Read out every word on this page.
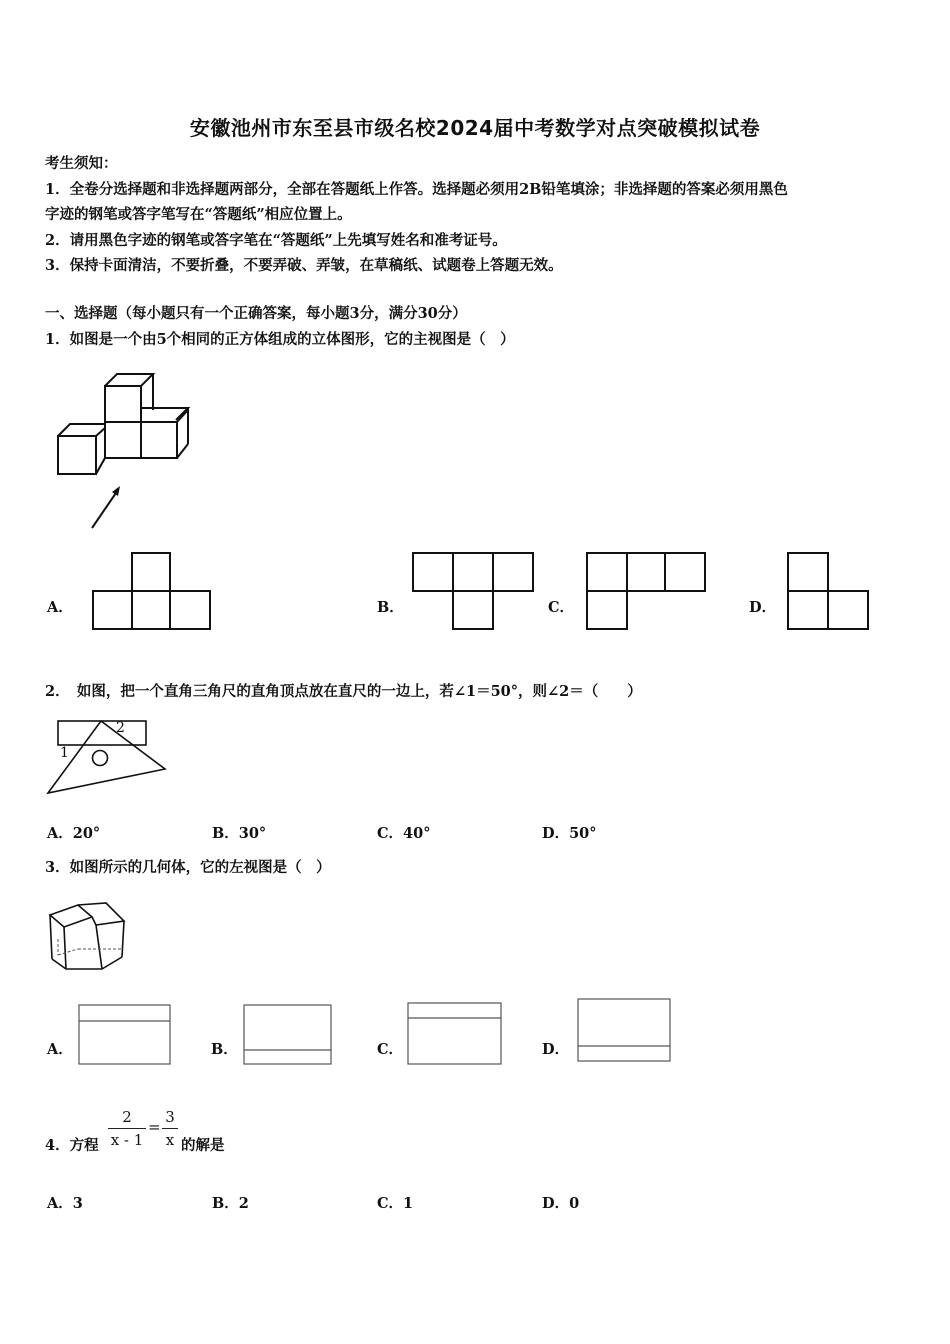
安徽池州市东至县市级名校2024届中考数学对点突破模拟试卷
考生须知：
1．全卷分选择题和非选择题两部分，全部在答题纸上作答。选择题必须用2B铅笔填涂；非选择题的答案必须用黑色
字迹的钢笔或答字笔写在“答题纸”相应位置上。
2．请用黑色字迹的钢笔或答字笔在“答题纸”上先填写姓名和准考证号。
3．保持卡面清洁，不要折叠，不要弄破、弄皱，在草稿纸、试题卷上答题无效。
一、选择题（每小题只有一个正确答案，每小题3分，满分30分）
1．如图是一个由5个相同的正方体组成的立体图形，它的主视图是（　）
A．	B．	C．	D．
2．　如图，把一个直角三角尺的直角顶点放在直尺的一边上，若∠1＝50°，则∠2＝（　　）
1
2
A．20°	B．30°	C．40°	D．50°
3．如图所示的几何体，它的左视图是（　）
A．	B．	C．	D．
4．方程
2
x - 1
=
3
x 的解是
A．3	B．2	C．1	D．0
